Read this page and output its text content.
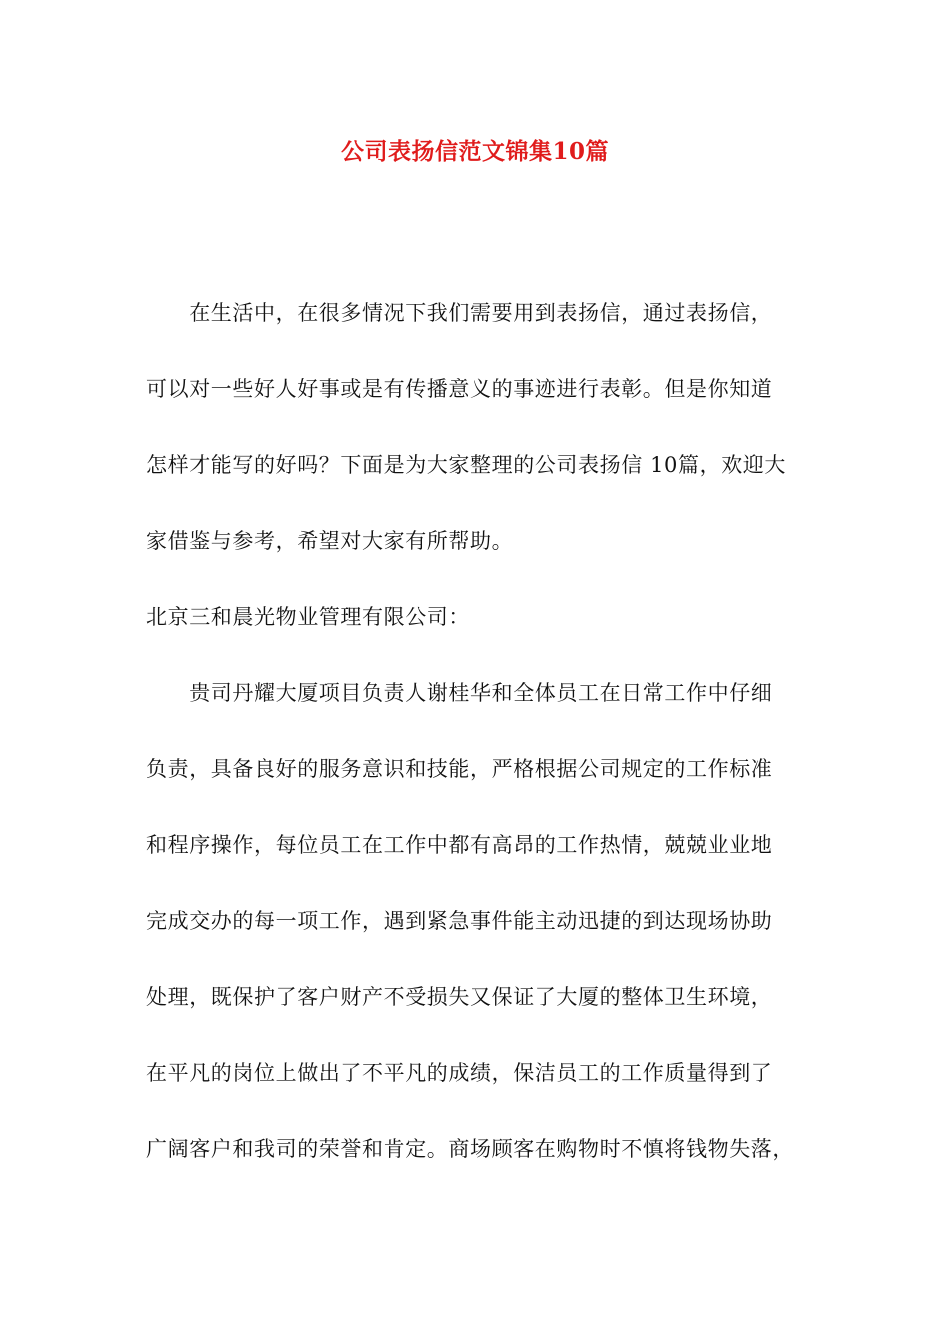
公司表扬信范文锦集10篇

　　在生活中，在很多情况下我们需要用到表扬信，通过表扬信，

可以对一些好人好事或是有传播意义的事迹进行表彰。但是你知道

怎样才能写的好吗？下面是为大家整理的公司表扬信 10篇，欢迎大

家借鉴与参考，希望对大家有所帮助。

北京三和晨光物业管理有限公司：

　　贵司丹耀大厦项目负责人谢桂华和全体员工在日常工作中仔细

负责，具备良好的服务意识和技能，严格根据公司规定的工作标准

和程序操作，每位员工在工作中都有高昂的工作热情，兢兢业业地

完成交办的每一项工作，遇到紧急事件能主动迅捷的到达现场协助

处理，既保护了客户财产不受损失又保证了大厦的整体卫生环境，

在平凡的岗位上做出了不平凡的成绩，保洁员工的工作质量得到了

广阔客户和我司的荣誉和肯定。商场顾客在购物时不慎将钱物失落，
